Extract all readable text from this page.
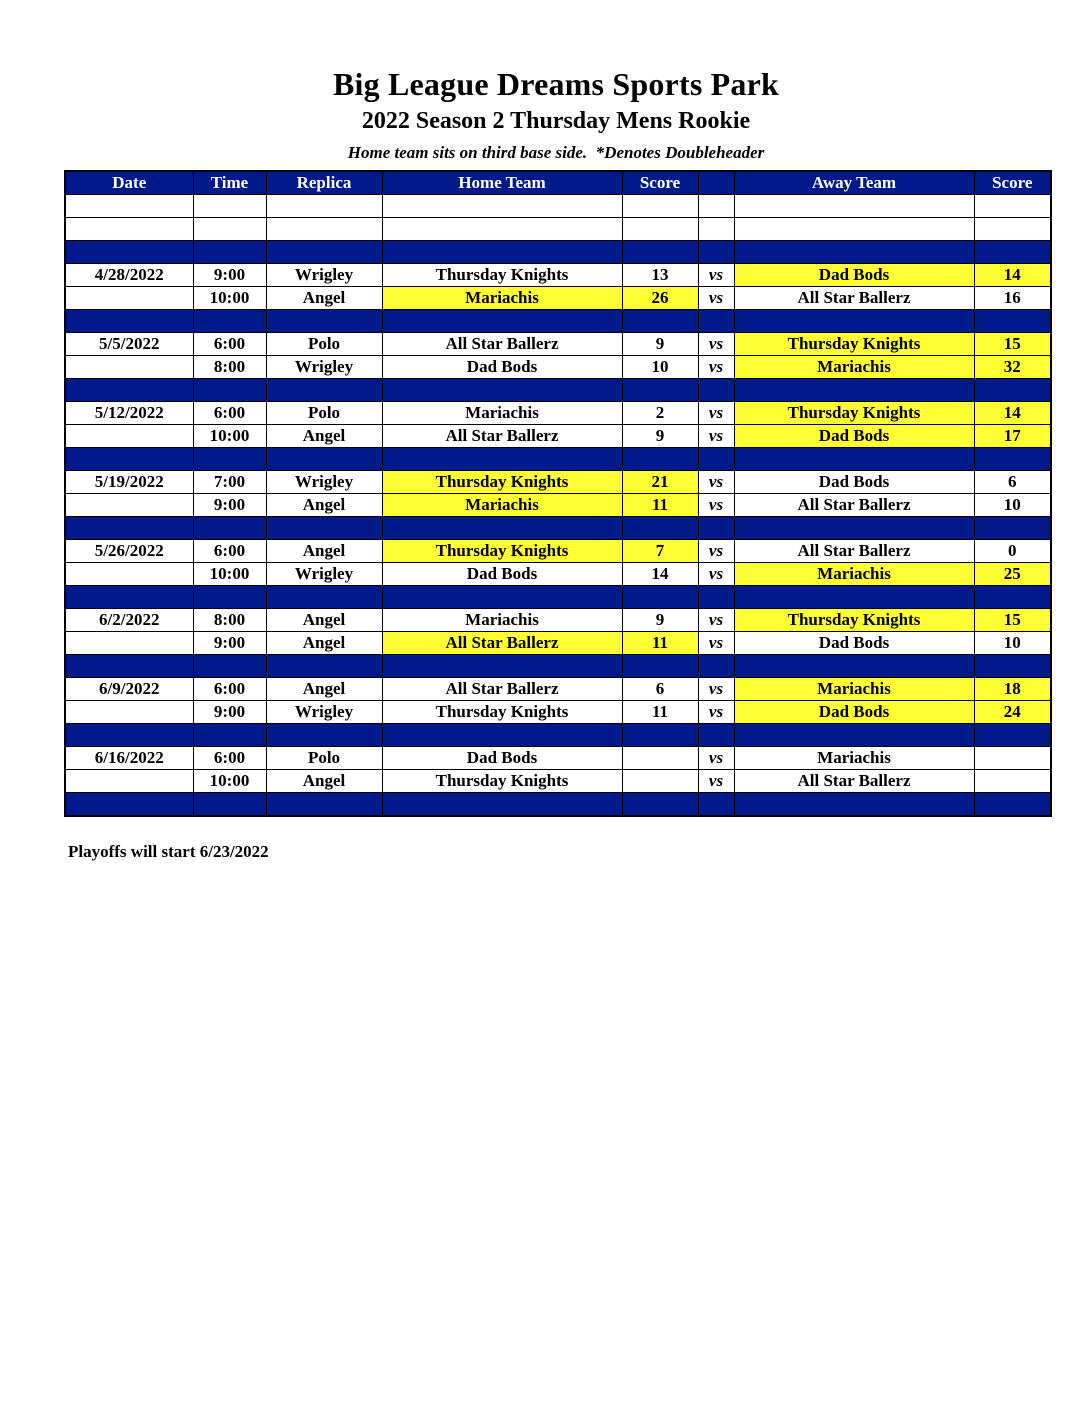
Big League Dreams Sports Park
2022 Season 2 Thursday Mens Rookie
Home team sits on third base side.  *Denotes Doubleheader
Date	Time	Replica	Home Team	Score		Away Team	Score

4/28/2022	9:00	Wrigley	Thursday Knights	13	vs	Dad Bods	14
	10:00	Angel	Mariachis	26	vs	All Star Ballerz	16

5/5/2022	6:00	Polo	All Star Ballerz	9	vs	Thursday Knights	15
	8:00	Wrigley	Dad Bods	10	vs	Mariachis	32

5/12/2022	6:00	Polo	Mariachis	2	vs	Thursday Knights	14
	10:00	Angel	All Star Ballerz	9	vs	Dad Bods	17

5/19/2022	7:00	Wrigley	Thursday Knights	21	vs	Dad Bods	6
	9:00	Angel	Mariachis	11	vs	All Star Ballerz	10

5/26/2022	6:00	Angel	Thursday Knights	7	vs	All Star Ballerz	0
	10:00	Wrigley	Dad Bods	14	vs	Mariachis	25

6/2/2022	8:00	Angel	Mariachis	9	vs	Thursday Knights	15
	9:00	Angel	All Star Ballerz	11	vs	Dad Bods	10

6/9/2022	6:00	Angel	All Star Ballerz	6	vs	Mariachis	18
	9:00	Wrigley	Thursday Knights	11	vs	Dad Bods	24

6/16/2022	6:00	Polo	Dad Bods		vs	Mariachis	
	10:00	Angel	Thursday Knights		vs	All Star Ballerz	

Playoffs will start 6/23/2022
